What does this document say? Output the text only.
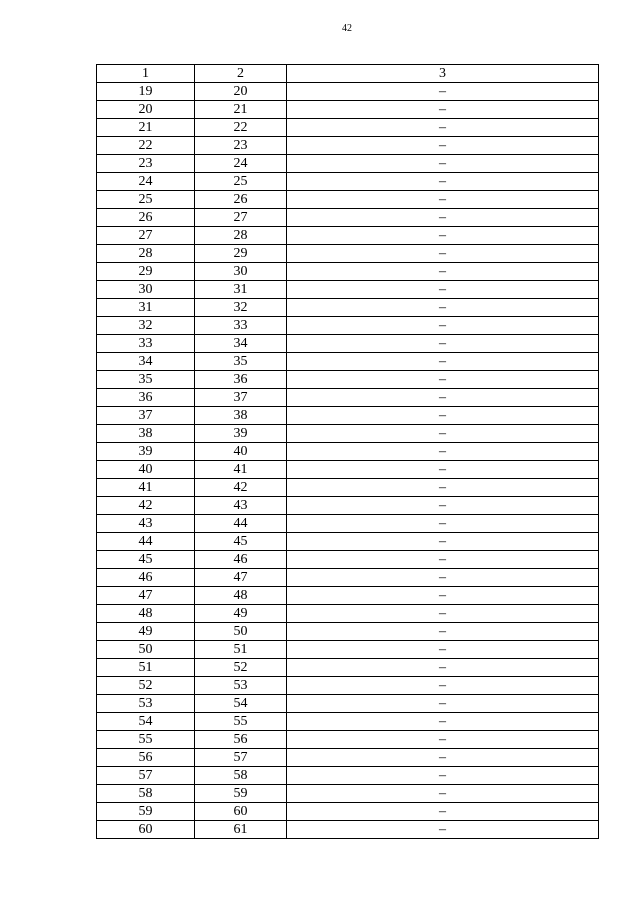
42
1	2	3
19	20	–
20	21	–
21	22	–
22	23	–
23	24	–
24	25	–
25	26	–
26	27	–
27	28	–
28	29	–
29	30	–
30	31	–
31	32	–
32	33	–
33	34	–
34	35	–
35	36	–
36	37	–
37	38	–
38	39	–
39	40	–
40	41	–
41	42	–
42	43	–
43	44	–
44	45	–
45	46	–
46	47	–
47	48	–
48	49	–
49	50	–
50	51	–
51	52	–
52	53	–
53	54	–
54	55	–
55	56	–
56	57	–
57	58	–
58	59	–
59	60	–
60	61	–
